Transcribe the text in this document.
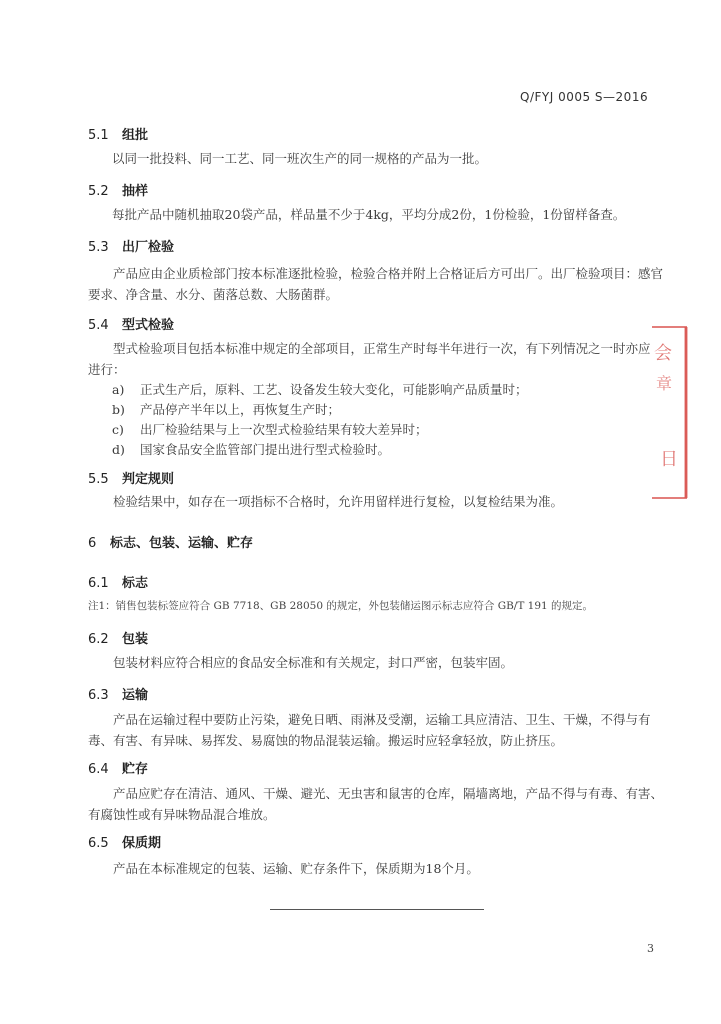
Q/FYJ 0005 S—2016
5.1 组批
以同一批投料、同一工艺、同一班次生产的同一规格的产品为一批。
5.2 抽样
每批产品中随机抽取20袋产品，样品量不少于4kg，平均分成2份，1份检验，1份留样备查。
5.3 出厂检验
产品应由企业质检部门按本标准逐批检验，检验合格并附上合格证后方可出厂。出厂检验项目：感官要求、净含量、水分、菌落总数、大肠菌群。
5.4 型式检验
型式检验项目包括本标准中规定的全部项目，正常生产时每半年进行一次，有下列情况之一时亦应进行：
a) 正式生产后，原料、工艺、设备发生较大变化，可能影响产品质量时；
b) 产品停产半年以上，再恢复生产时；
c) 出厂检验结果与上一次型式检验结果有较大差异时；
d) 国家食品安全监管部门提出进行型式检验时。
5.5 判定规则
检验结果中，如存在一项指标不合格时，允许用留样进行复检，以复检结果为准。
6 标志、包装、运输、贮存
6.1 标志
注1：销售包装标签应符合 GB 7718、GB 28050 的规定，外包装储运图示标志应符合 GB/T 191 的规定。
6.2 包装
包装材料应符合相应的食品安全标准和有关规定，封口严密，包装牢固。
6.3 运输
产品在运输过程中要防止污染，避免日晒、雨淋及受潮，运输工具应清洁、卫生、干燥，不得与有毒、有害、有异味、易挥发、易腐蚀的物品混装运输。搬运时应轻拿轻放，防止挤压。
6.4 贮存
产品应贮存在清洁、通风、干燥、避光、无虫害和鼠害的仓库，隔墙离地，产品不得与有毒、有害、有腐蚀性或有异味物品混合堆放。
6.5 保质期
产品在本标准规定的包装、运输、贮存条件下，保质期为18个月。
3
会
章
日
